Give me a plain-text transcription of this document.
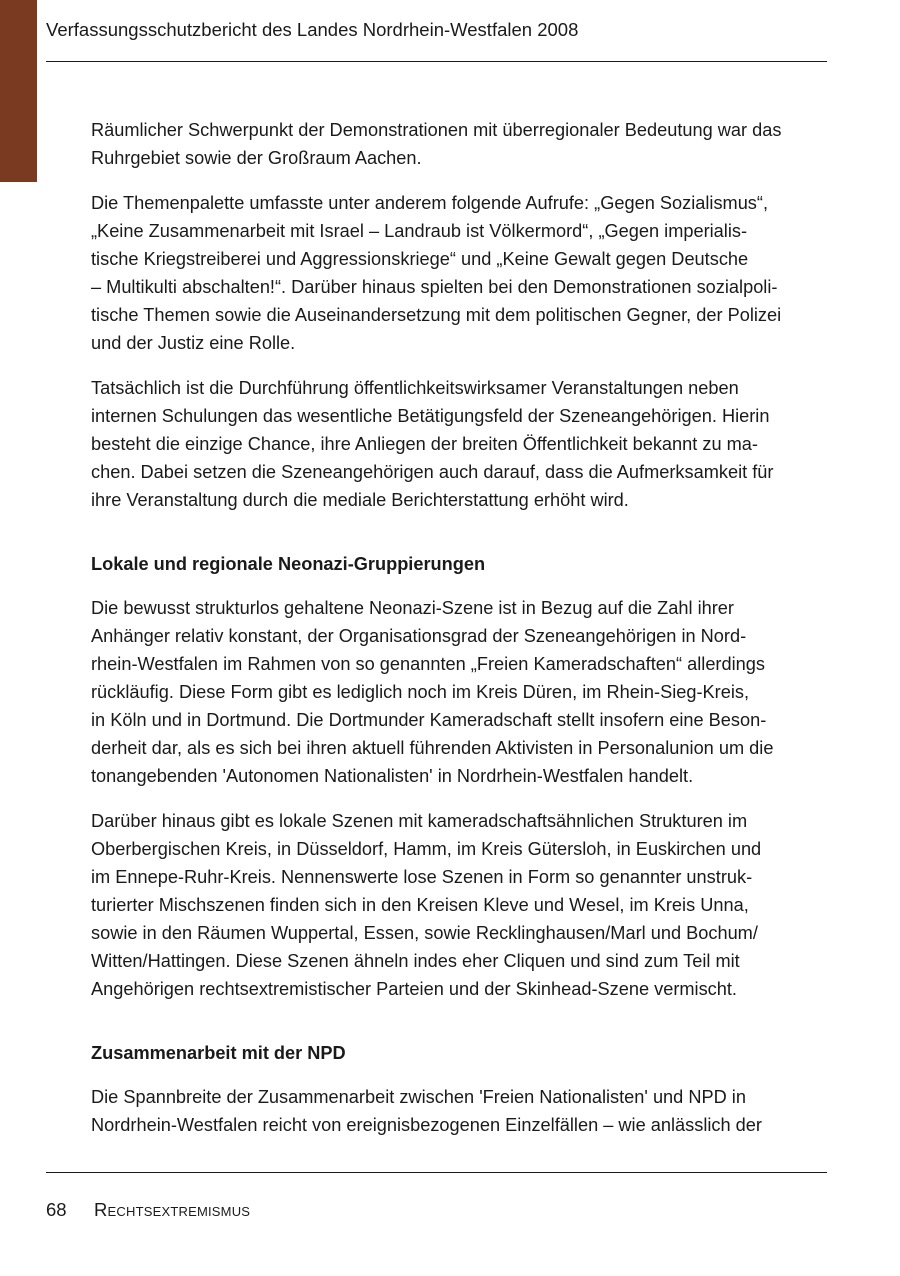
Verfassungsschutzbericht des Landes Nordrhein-Westfalen 2008

Räumlicher Schwerpunkt der Demonstrationen mit überregionaler Bedeutung war das

Ruhrgebiet sowie der Großraum Aachen.

Die Themenpalette umfasste unter anderem folgende Aufrufe: „Gegen Sozialismus“,

„Keine Zusammenarbeit mit Israel – Landraub ist Völkermord“, „Gegen imperialis-

tische Kriegstreiberei und Aggressionskriege“ und „Keine Gewalt gegen Deutsche

– Multikulti abschalten!“. Darüber hinaus spielten bei den Demonstrationen sozialpoli-

tische Themen sowie die Auseinandersetzung mit dem politischen Gegner, der Polizei

und der Justiz eine Rolle.

Tatsächlich ist die Durchführung öffentlichkeitswirksamer Veranstaltungen neben

internen Schulungen das wesentliche Betätigungsfeld der Szeneangehörigen. Hierin

besteht die einzige Chance, ihre Anliegen der breiten Öffentlichkeit bekannt zu ma-

chen. Dabei setzen die Szeneangehörigen auch darauf, dass die Aufmerksamkeit für

ihre Veranstaltung durch die mediale Berichterstattung erhöht wird.

Lokale und regionale Neonazi-Gruppierungen

Die bewusst strukturlos gehaltene Neonazi-Szene ist in Bezug auf die Zahl ihrer

Anhänger relativ konstant, der Organisationsgrad der Szeneangehörigen in Nord-

rhein-Westfalen im Rahmen von so genannten „Freien Kameradschaften“ allerdings

rückläufig. Diese Form gibt es lediglich noch im Kreis Düren, im Rhein-Sieg-Kreis,

in Köln und in Dortmund. Die Dortmunder Kameradschaft stellt insofern eine Beson-

derheit dar, als es sich bei ihren aktuell führenden Aktivisten in Personalunion um die

tonangebenden 'Autonomen Nationalisten' in Nordrhein-Westfalen handelt.

Darüber hinaus gibt es lokale Szenen mit kameradschaftsähnlichen Strukturen im

Oberbergischen Kreis, in Düsseldorf, Hamm, im Kreis Gütersloh, in Euskirchen und

im Ennepe-Ruhr-Kreis. Nennenswerte lose Szenen in Form so genannter unstruk-

turierter Mischszenen finden sich in den Kreisen Kleve und Wesel, im Kreis Unna,

sowie in den Räumen Wuppertal, Essen, sowie Recklinghausen/Marl und Bochum/

Witten/Hattingen. Diese Szenen ähneln indes eher Cliquen und sind zum Teil mit

Angehörigen rechtsextremistischer Parteien und der Skinhead-Szene vermischt.

Zusammenarbeit mit der NPD

Die Spannbreite der Zusammenarbeit zwischen 'Freien Nationalisten' und NPD in

Nordrhein-Westfalen reicht von ereignisbezogenen Einzelfällen – wie anlässlich der

68 Rechtsextremismus
